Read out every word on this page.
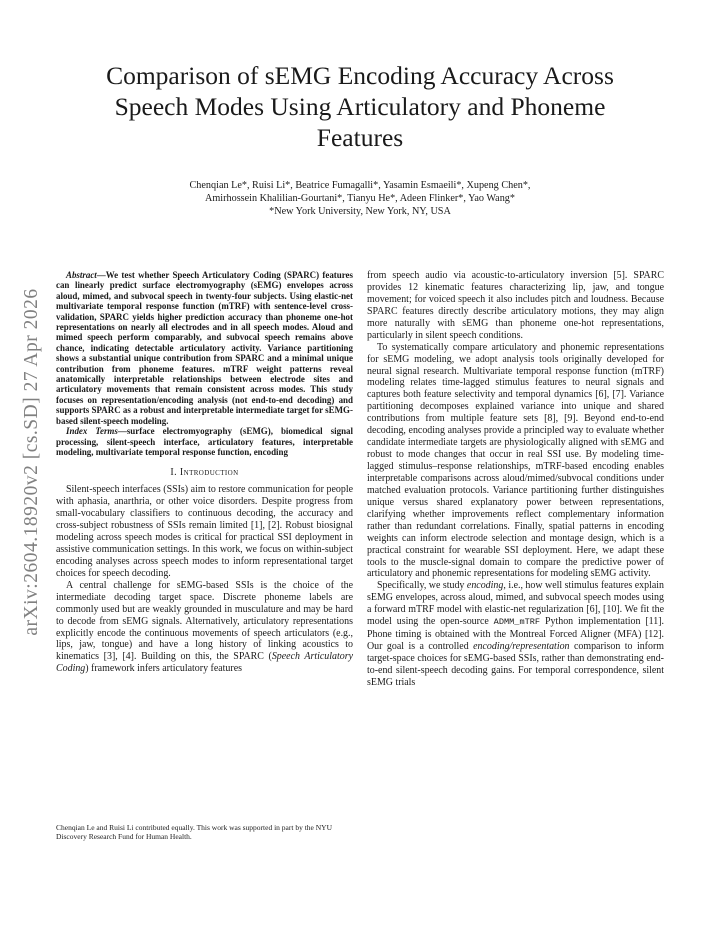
arXiv:2604.18920v2 [cs.SD] 27 Apr 2026
Comparison of sEMG Encoding Accuracy Across Speech Modes Using Articulatory and Phoneme Features
Chenqian Le*, Ruisi Li*, Beatrice Fumagalli*, Yasamin Esmaeili*, Xupeng Chen*,
Amirhossein Khalilian-Gourtani*, Tianyu He*, Adeen Flinker*, Yao Wang*
*New York University, New York, NY, USA

Abstract—We test whether Speech Articulatory Coding (SPARC) features can linearly predict surface electromyography (sEMG) envelopes across aloud, mimed, and subvocal speech in twenty-four subjects. Using elastic-net multivariate temporal response function (mTRF) with sentence-level cross-validation, SPARC yields higher prediction accuracy than phoneme one-hot representations on nearly all electrodes and in all speech modes. Aloud and mimed speech perform comparably, and subvocal speech remains above chance, indicating detectable articulatory activity. Variance partitioning shows a substantial unique contribution from SPARC and a minimal unique contribution from phoneme features. mTRF weight patterns reveal anatomically interpretable relationships between electrode sites and articulatory movements that remain consistent across modes. This study focuses on representation/encoding analysis (not end-to-end decoding) and supports SPARC as a robust and interpretable intermediate target for sEMG-based silent-speech modeling.

Index Terms—surface electromyography (sEMG), biomedical signal processing, silent-speech interface, articulatory features, interpretable modeling, multivariate temporal response function, encoding

I. Introduction

Silent-speech interfaces (SSIs) aim to restore communication for people with aphasia, anarthria, or other voice disorders. Despite progress from small-vocabulary classifiers to continuous decoding, the accuracy and cross-subject robustness of SSIs remain limited [1], [2]. Robust biosignal modeling across speech modes is critical for practical SSI deployment in assistive communication settings. In this work, we focus on within-subject encoding analyses across speech modes to inform representational target choices for speech decoding.

A central challenge for sEMG-based SSIs is the choice of the intermediate decoding target space. Discrete phoneme labels are commonly used but are weakly grounded in musculature and may be hard to decode from sEMG signals. Alternatively, articulatory representations explicitly encode the continuous movements of speech articulators (e.g., lips, jaw, tongue) and have a long history of linking acoustics to kinematics [3], [4]. Building on this, the SPARC (Speech Articulatory Coding) framework infers articulatory features

Chenqian Le and Ruisi Li contributed equally. This work was supported in part by the NYU Discovery Research Fund for Human Health.

from speech audio via acoustic-to-articulatory inversion [5]. SPARC provides 12 kinematic features characterizing lip, jaw, and tongue movement; for voiced speech it also includes pitch and loudness. Because SPARC features directly describe articulatory motions, they may align more naturally with sEMG than phoneme one-hot representations, particularly in silent speech conditions.

To systematically compare articulatory and phonemic representations for sEMG modeling, we adopt analysis tools originally developed for neural signal research. Multivariate temporal response function (mTRF) modeling relates time-lagged stimulus features to neural signals and captures both feature selectivity and temporal dynamics [6], [7]. Variance partitioning decomposes explained variance into unique and shared contributions from multiple feature sets [8], [9]. Beyond end-to-end decoding, encoding analyses provide a principled way to evaluate whether candidate intermediate targets are physiologically aligned with sEMG and robust to mode changes that occur in real SSI use. By modeling time-lagged stimulus–response relationships, mTRF-based encoding enables interpretable comparisons across aloud/mimed/subvocal conditions under matched evaluation protocols. Variance partitioning further distinguishes unique versus shared explanatory power between representations, clarifying whether improvements reflect complementary information rather than redundant correlations. Finally, spatial patterns in encoding weights can inform electrode selection and montage design, which is a practical constraint for wearable SSI deployment. Here, we adapt these tools to the muscle-signal domain to compare the predictive power of articulatory and phonemic representations for modeling sEMG activity.

Specifically, we study encoding, i.e., how well stimulus features explain sEMG envelopes, across aloud, mimed, and subvocal speech modes using a forward mTRF model with elastic-net regularization [6], [10]. We fit the model using the open-source ADMM_mTRF Python implementation [11]. Phone timing is obtained with the Montreal Forced Aligner (MFA) [12]. Our goal is a controlled encoding/representation comparison to inform target-space choices for sEMG-based SSIs, rather than demonstrating end-to-end silent-speech decoding gains. For temporal correspondence, silent sEMG trials
